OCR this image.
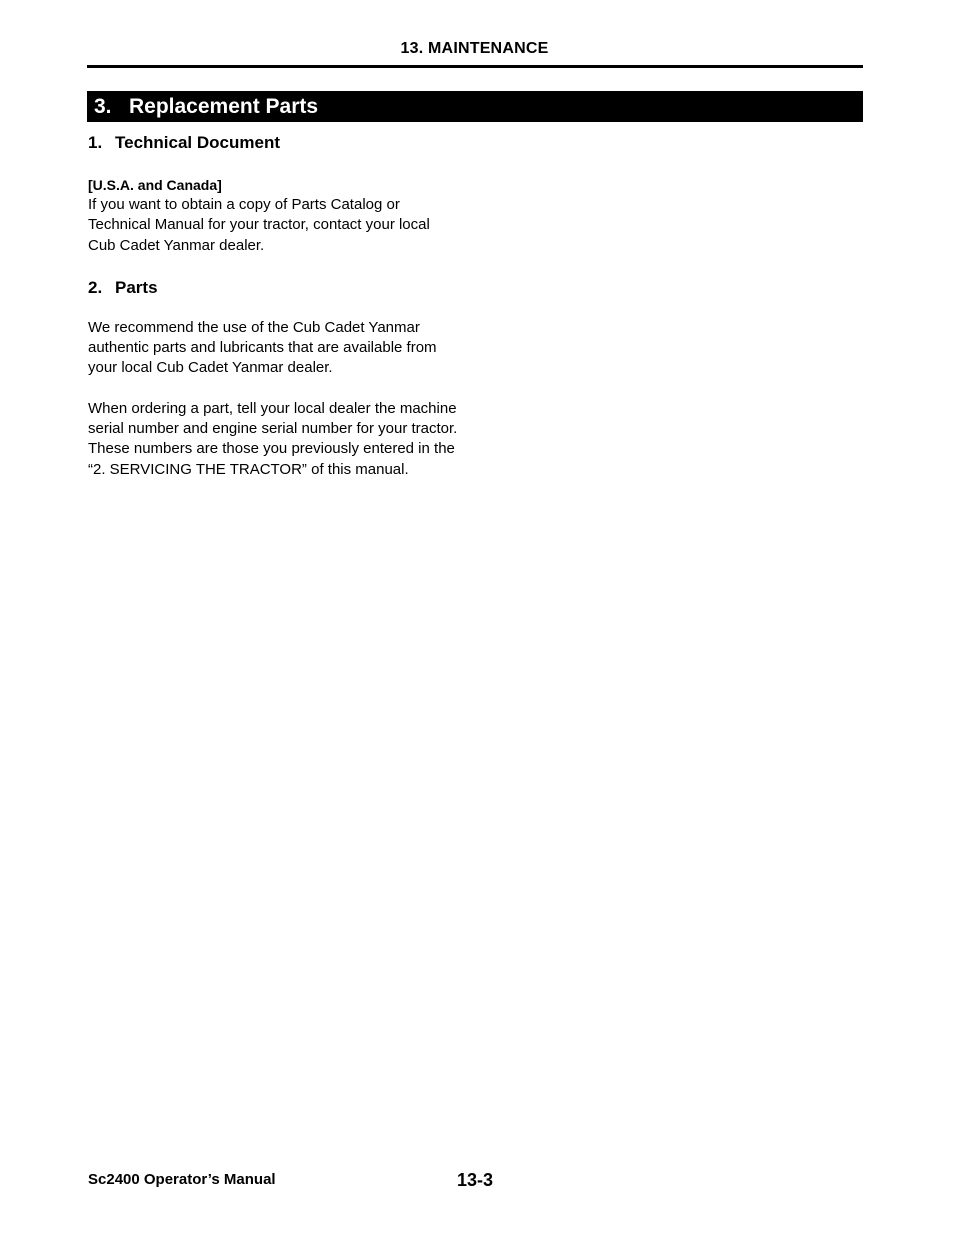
13. MAINTENANCE
3. Replacement Parts
1. Technical Document
[U.S.A. and Canada]

If you want to obtain a copy of Parts Catalog or Technical Manual for your tractor, contact your local Cub Cadet Yanmar dealer.

2. Parts

We recommend the use of the Cub Cadet Yanmar authentic parts and lubricants that are available from your local Cub Cadet Yanmar dealer.

When ordering a part, tell your local dealer the machine serial number and engine serial number for your tractor. These numbers are those you previously entered in the “2. SERVICING THE TRACTOR” of this manual.

Sc2400 Operator’s Manual	13-3
